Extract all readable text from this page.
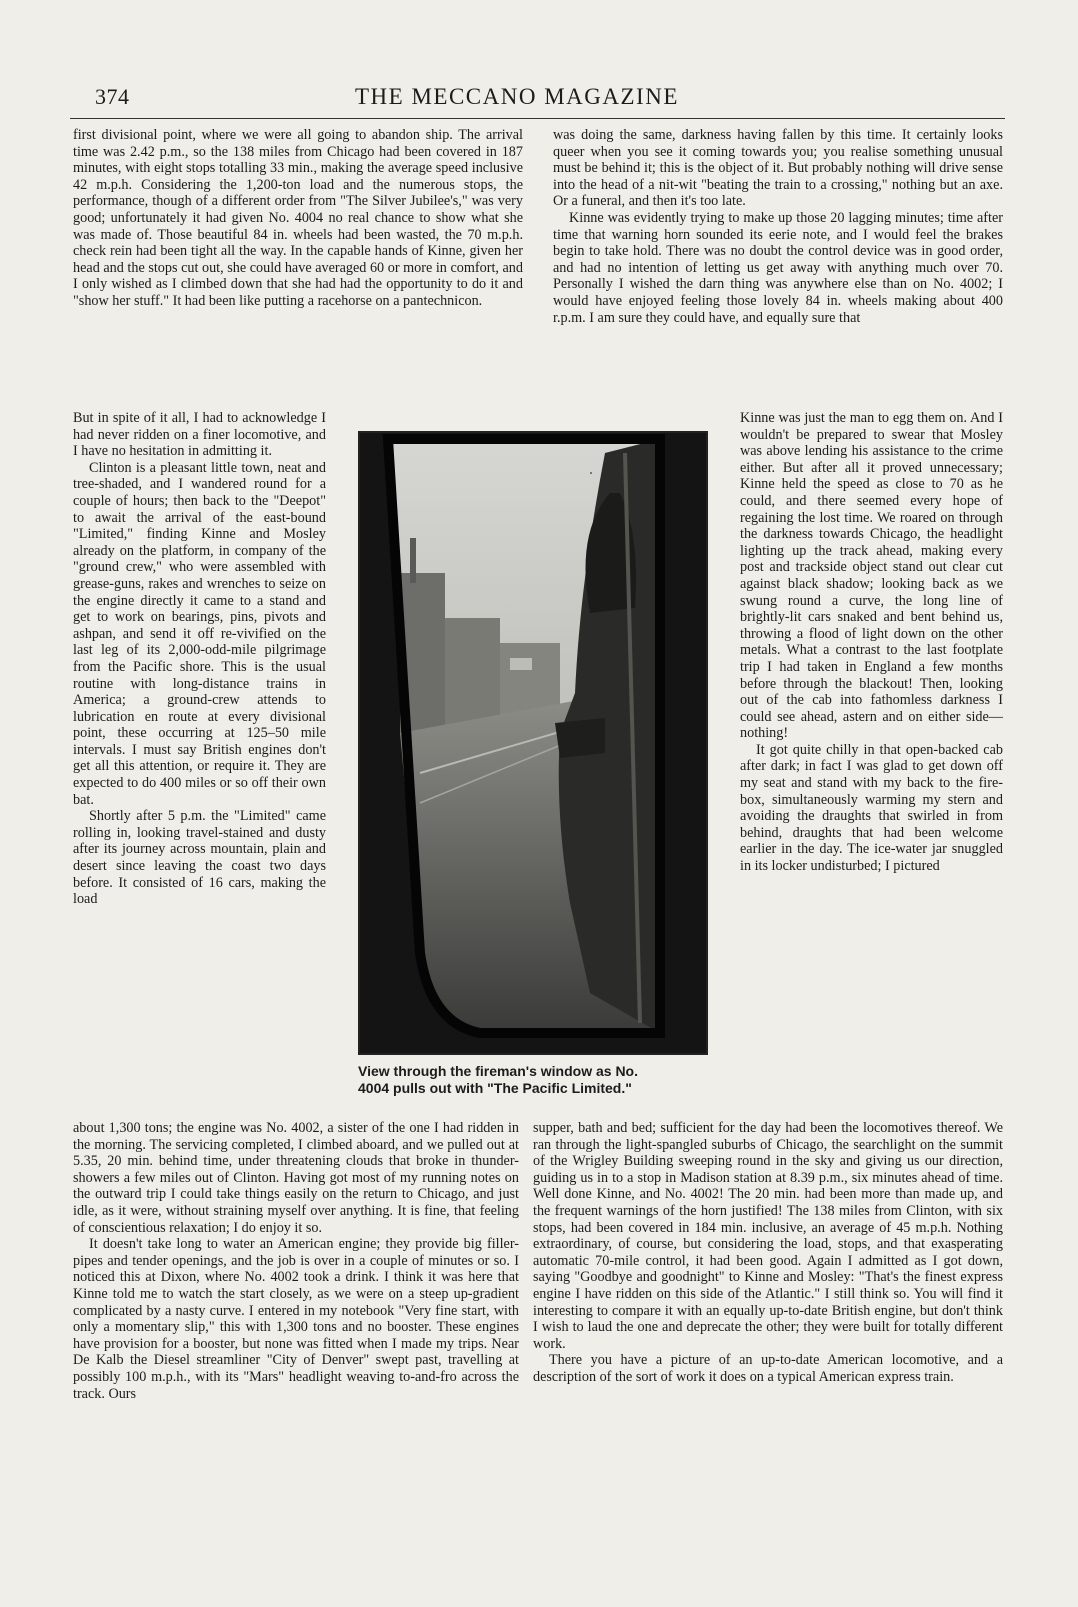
374	THE MECCANO MAGAZINE

first divisional point, where we were all going to abandon ship. The arrival time was 2.42 p.m., so the 138 miles from Chicago had been covered in 187 minutes, with eight stops totalling 33 min., making the average speed inclusive 42 m.p.h. Considering the 1,200-ton load and the numerous stops, the performance, though of a different order from "The Silver Jubilee's," was very good; unfortunately it had given No. 4004 no real chance to show what she was made of. Those beautiful 84 in. wheels had been wasted, the 70 m.p.h. check rein had been tight all the way. In the capable hands of Kinne, given her head and the stops cut out, she could have averaged 60 or more in comfort, and I only wished as I climbed down that she had had the opportunity to do it and "show her stuff." It had been like putting a racehorse on a pantechnicon.

But in spite of it all, I had to acknowledge I had never ridden on a finer locomotive, and I have no hesitation in admitting it.

Clinton is a pleasant little town, neat and tree-shaded, and I wandered round for a couple of hours; then back to the "Deepot" to await the arrival of the east-bound "Limited," finding Kinne and Mosley already on the platform, in company of the "ground crew," who were assembled with grease-guns, rakes and wrenches to seize on the engine directly it came to a stand and get to work on bearings, pins, pivots and ashpan, and send it off re-vivified on the last leg of its 2,000-odd-mile pilgrimage from the Pacific shore. This is the usual routine with long-distance trains in America; a ground-crew attends to lubrication en route at every divisional point, these occurring at 125–50 mile intervals. I must say British engines don't get all this attention, or require it. They are expected to do 400 miles or so off their own bat.

Shortly after 5 p.m. the "Limited" came rolling in, looking travel-stained and dusty after its journey across mountain, plain and desert since leaving the coast two days before. It consisted of 16 cars, making the load

about 1,300 tons; the engine was No. 4002, a sister of the one I had ridden in the morning. The servicing completed, I climbed aboard, and we pulled out at 5.35, 20 min. behind time, under threatening clouds that broke in thunder-showers a few miles out of Clinton. Having got most of my running notes on the outward trip I could take things easily on the return to Chicago, and just idle, as it were, without straining myself over anything. It is fine, that feeling of conscientious relaxation; I do enjoy it so.

It doesn't take long to water an American engine; they provide big filler-pipes and tender openings, and the job is over in a couple of minutes or so. I noticed this at Dixon, where No. 4002 took a drink. I think it was here that Kinne told me to watch the start closely, as we were on a steep up-gradient complicated by a nasty curve. I entered in my notebook "Very fine start, with only a momentary slip," this with 1,300 tons and no booster. These engines have provision for a booster, but none was fitted when I made my trips. Near De Kalb the Diesel streamliner "City of Denver" swept past, travelling at possibly 100 m.p.h., with its "Mars" headlight weaving to-and-fro across the track. Ours

was doing the same, darkness having fallen by this time. It certainly looks queer when you see it coming towards you; you realise something unusual must be behind it; this is the object of it. But probably nothing will drive sense into the head of a nit-wit "beating the train to a crossing," nothing but an axe. Or a funeral, and then it's too late.

Kinne was evidently trying to make up those 20 lagging minutes; time after time that warning horn sounded its eerie note, and I would feel the brakes begin to take hold. There was no doubt the control device was in good order, and had no intention of letting us get away with anything much over 70. Personally I wished the darn thing was anywhere else than on No. 4002; I would have enjoyed feeling those lovely 84 in. wheels making about 400 r.p.m. I am sure they could have, and equally sure that

Kinne was just the man to egg them on. And I wouldn't be prepared to swear that Mosley was above lending his assistance to the crime either. But after all it proved unnecessary; Kinne held the speed as close to 70 as he could, and there seemed every hope of regaining the lost time. We roared on through the darkness towards Chicago, the headlight lighting up the track ahead, making every post and trackside object stand out clear cut against black shadow; looking back as we swung round a curve, the long line of brightly-lit cars snaked and bent behind us, throwing a flood of light down on the other metals. What a contrast to the last footplate trip I had taken in England a few months before through the blackout! Then, looking out of the cab into fathomless darkness I could see ahead, astern and on either side—nothing!

It got quite chilly in that open-backed cab after dark; in fact I was glad to get down off my seat and stand with my back to the fire-box, simultaneously warming my stern and avoiding the draughts that swirled in from behind, draughts that had been welcome earlier in the day. The ice-water jar snuggled in its locker undisturbed; I pictured

supper, bath and bed; sufficient for the day had been the locomotives thereof. We ran through the light-spangled suburbs of Chicago, the searchlight on the summit of the Wrigley Building sweeping round in the sky and giving us our direction, guiding us in to a stop in Madison station at 8.39 p.m., six minutes ahead of time. Well done Kinne, and No. 4002! The 20 min. had been more than made up, and the frequent warnings of the horn justified! The 138 miles from Clinton, with six stops, had been covered in 184 min. inclusive, an average of 45 m.p.h. Nothing extraordinary, of course, but considering the load, stops, and that exasperating automatic 70-mile control, it had been good. Again I admitted as I got down, saying "Goodbye and goodnight" to Kinne and Mosley: "That's the finest express engine I have ridden on this side of the Atlantic." I still think so. You will find it interesting to compare it with an equally up-to-date British engine, but don't think I wish to laud the one and deprecate the other; they were built for totally different work.

There you have a picture of an up-to-date American locomotive, and a description of the sort of work it does on a typical American express train.

View through the fireman's window as No.

4004 pulls out with "The Pacific Limited."
